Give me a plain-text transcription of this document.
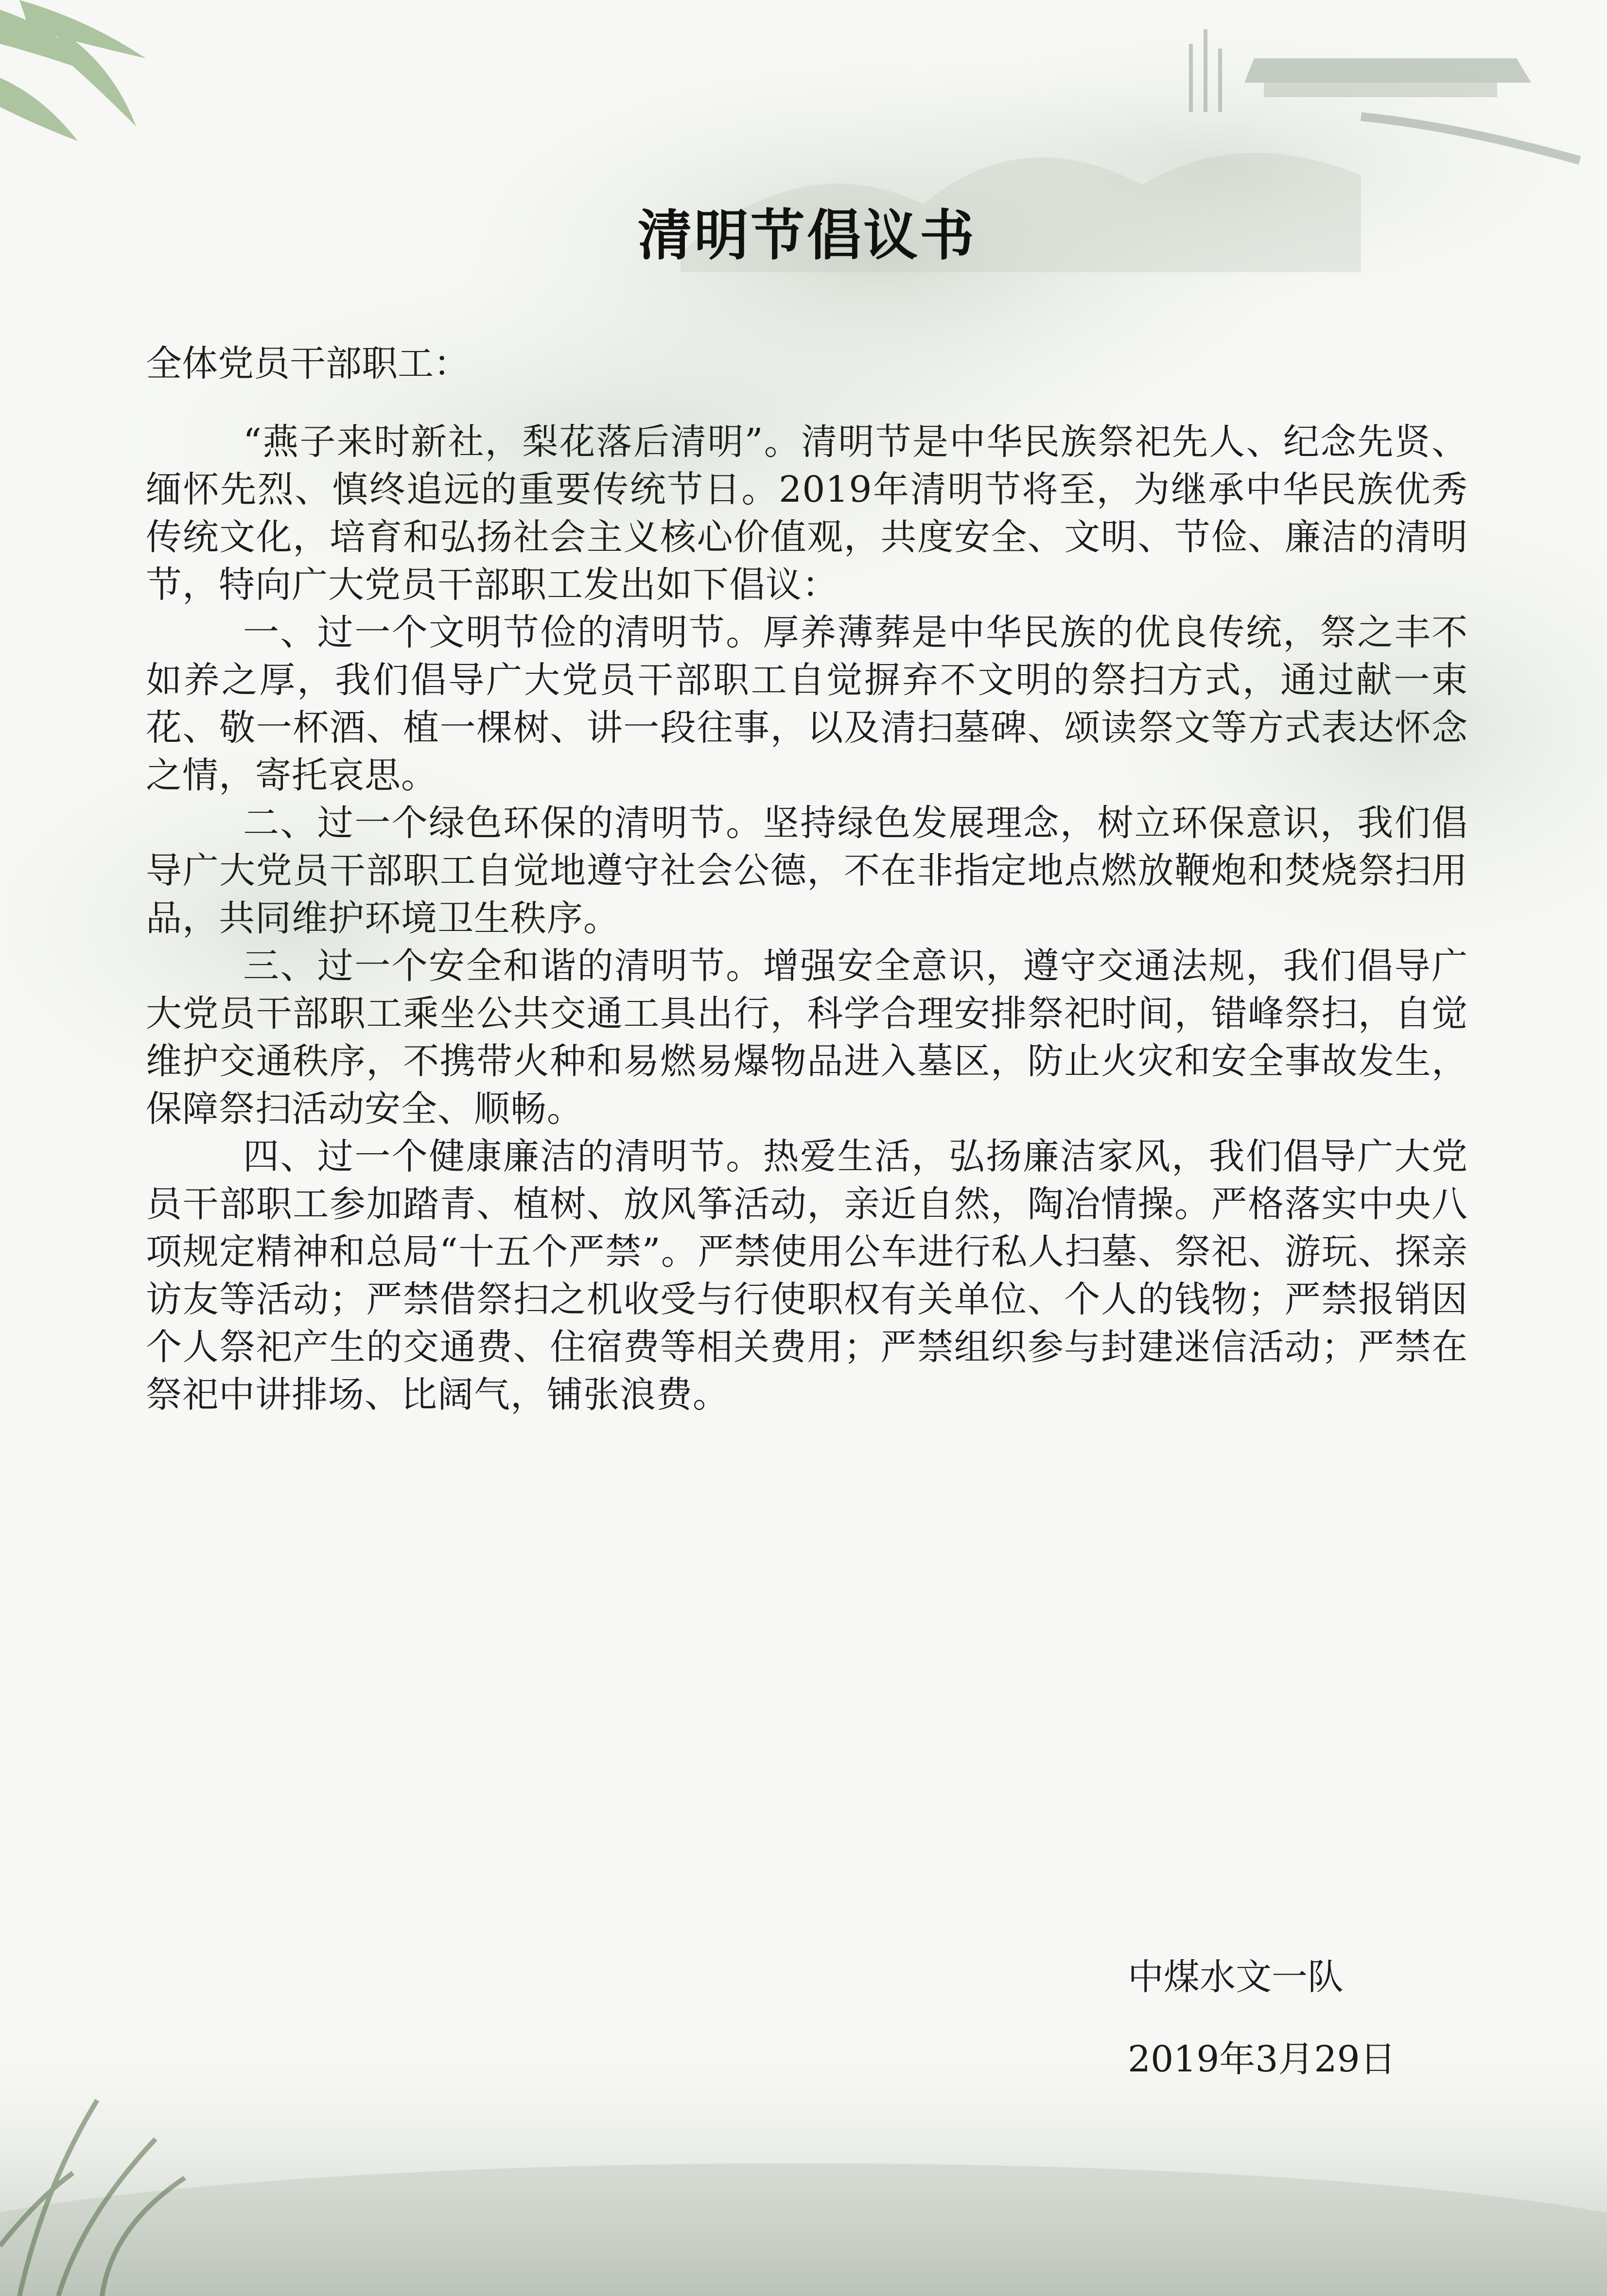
清明节倡议书

全体党员干部职工：

“燕子来时新社，梨花落后清明”。清明节是中华民族祭祀先人、纪念先贤、缅怀先烈、慎终追远的重要传统节日。2019年清明节将至，为继承中华民族优秀传统文化，培育和弘扬社会主义核心价值观，共度安全、文明、节俭、廉洁的清明节，特向广大党员干部职工发出如下倡议：

一、过一个文明节俭的清明节。厚养薄葬是中华民族的优良传统，祭之丰不如养之厚，我们倡导广大党员干部职工自觉摒弃不文明的祭扫方式，通过献一束花、敬一杯酒、植一棵树、讲一段往事，以及清扫墓碑、颂读祭文等方式表达怀念之情，寄托哀思。

二、过一个绿色环保的清明节。坚持绿色发展理念，树立环保意识，我们倡导广大党员干部职工自觉地遵守社会公德，不在非指定地点燃放鞭炮和焚烧祭扫用品，共同维护环境卫生秩序。

三、过一个安全和谐的清明节。增强安全意识，遵守交通法规，我们倡导广大党员干部职工乘坐公共交通工具出行，科学合理安排祭祀时间，错峰祭扫，自觉维护交通秩序，不携带火种和易燃易爆物品进入墓区，防止火灾和安全事故发生，保障祭扫活动安全、顺畅。

四、过一个健康廉洁的清明节。热爱生活，弘扬廉洁家风，我们倡导广大党员干部职工参加踏青、植树、放风筝活动，亲近自然，陶冶情操。严格落实中央八项规定精神和总局“十五个严禁”。严禁使用公车进行私人扫墓、祭祀、游玩、探亲访友等活动；严禁借祭扫之机收受与行使职权有关单位、个人的钱物；严禁报销因个人祭祀产生的交通费、住宿费等相关费用；严禁组织参与封建迷信活动；严禁在祭祀中讲排场、比阔气，铺张浪费。

中煤水文一队
2019年3月29日
